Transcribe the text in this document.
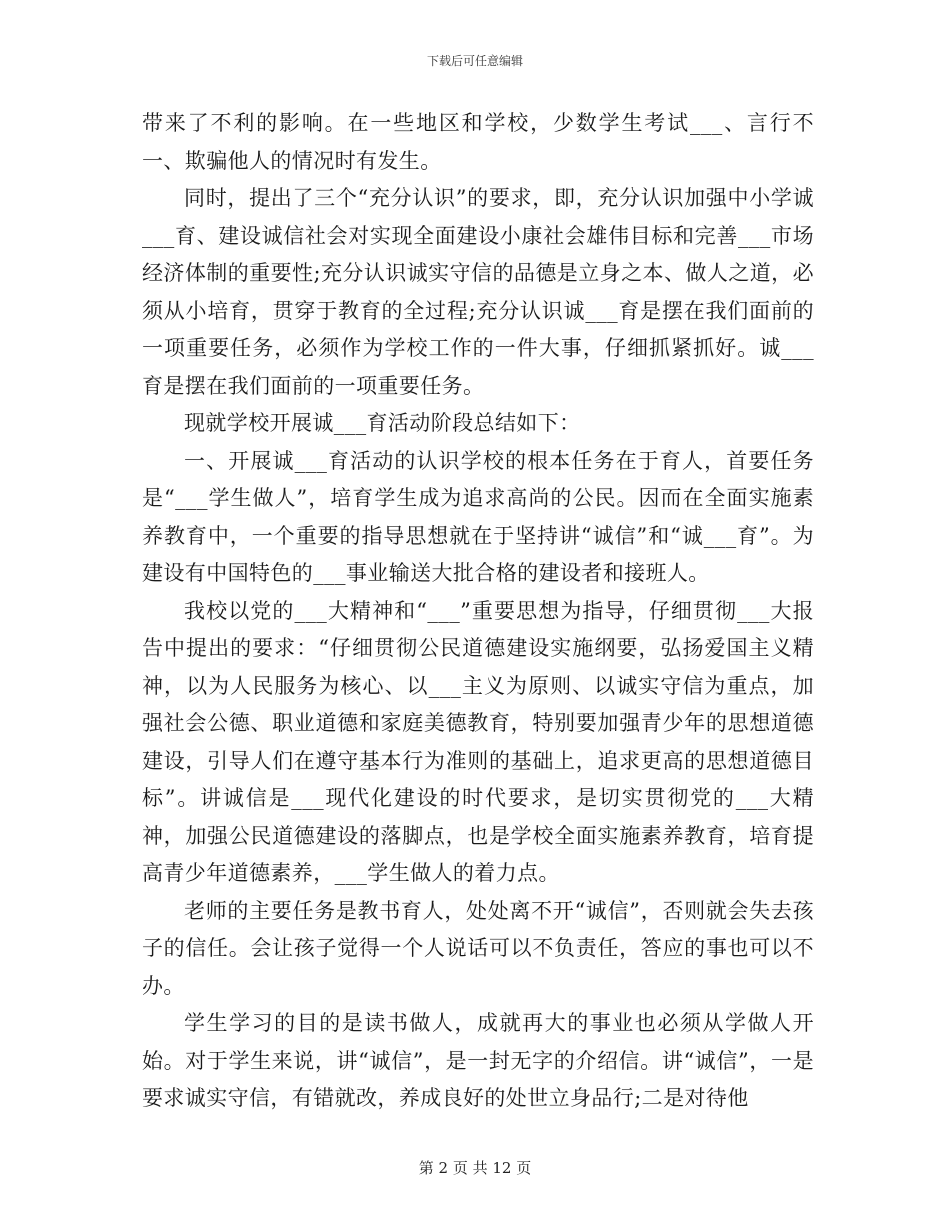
下载后可任意编辑

带来了不利的影响。在一些地区和学校，少数学生考试___、言行不一、欺骗他人的情况时有发生。

同时，提出了三个“充分认识”的要求，即，充分认识加强中小学诚___育、建设诚信社会对实现全面建设小康社会雄伟目标和完善___市场经济体制的重要性;充分认识诚实守信的品德是立身之本、做人之道，必须从小培育，贯穿于教育的全过程;充分认识诚___育是摆在我们面前的一项重要任务，必须作为学校工作的一件大事，仔细抓紧抓好。诚___育是摆在我们面前的一项重要任务。

现就学校开展诚___育活动阶段总结如下：

一、开展诚___育活动的认识学校的根本任务在于育人，首要任务是“___学生做人”，培育学生成为追求高尚的公民。因而在全面实施素养教育中，一个重要的指导思想就在于坚持讲“诚信”和“诚___育”。为建设有中国特色的___事业输送大批合格的建设者和接班人。

我校以党的___大精神和“___”重要思想为指导，仔细贯彻___大报告中提出的要求：“仔细贯彻公民道德建设实施纲要，弘扬爱国主义精神，以为人民服务为核心、以___主义为原则、以诚实守信为重点，加强社会公德、职业道德和家庭美德教育，特别要加强青少年的思想道德建设，引导人们在遵守基本行为准则的基础上，追求更高的思想道德目标”。讲诚信是___现代化建设的时代要求，是切实贯彻党的___大精神，加强公民道德建设的落脚点，也是学校全面实施素养教育，培育提高青少年道德素养，___学生做人的着力点。

老师的主要任务是教书育人，处处离不开“诚信”，否则就会失去孩子的信任。会让孩子觉得一个人说话可以不负责任，答应的事也可以不办。

学生学习的目的是读书做人，成就再大的事业也必须从学做人开始。对于学生来说，讲“诚信”，是一封无字的介绍信。讲“诚信”，一是要求诚实守信，有错就改，养成良好的处世立身品行;二是对待他

第 2 页 共 12 页
